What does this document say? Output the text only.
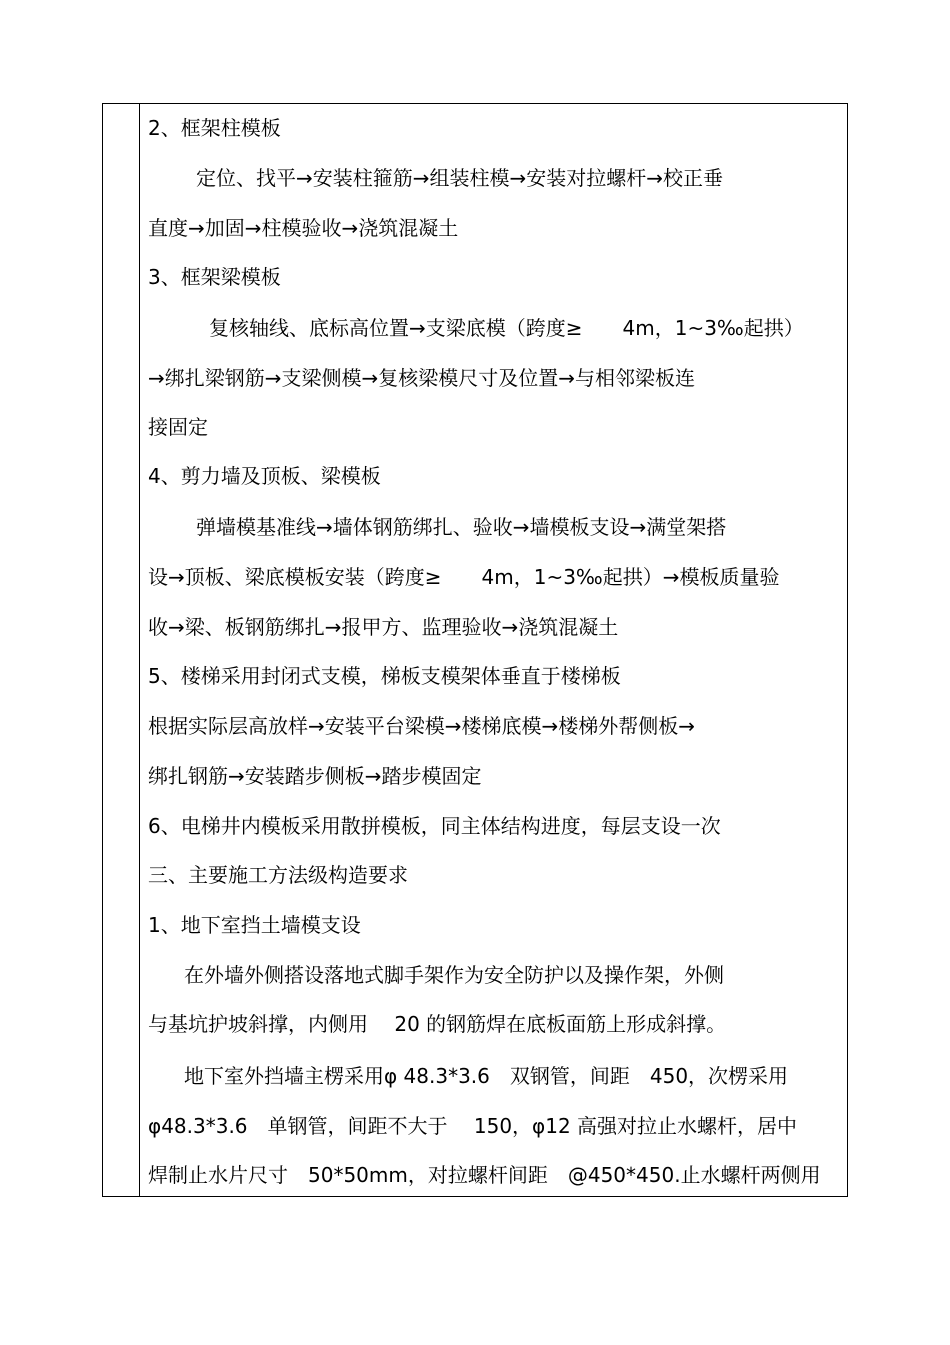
2、框架柱模板
定位、找平→安装柱箍筋→组装柱模→安装对拉螺杆→校正垂
直度→加固→柱模验收→浇筑混凝土
3、框架梁模板
复核轴线、底标高位置→支梁底模（跨度≥　　4m，1~3‰起拱）
→绑扎梁钢筋→支梁侧模→复核梁模尺寸及位置→与相邻梁板连
接固定
4、剪力墙及顶板、梁模板
弹墙模基准线→墙体钢筋绑扎、验收→墙模板支设→满堂架搭
设→顶板、梁底模板安装（跨度≥　　4m，1~3‰起拱）→模板质量验
收→梁、板钢筋绑扎→报甲方、监理验收→浇筑混凝土
5、楼梯采用封闭式支模，梯板支模架体垂直于楼梯板
根据实际层高放样→安装平台梁模→楼梯底模→楼梯外帮侧板→
绑扎钢筋→安装踏步侧板→踏步模固定
6、电梯井内模板采用散拼模板，同主体结构进度，每层支设一次
三、主要施工方法级构造要求
1、地下室挡土墙模支设
在外墙外侧搭设落地式脚手架作为安全防护以及操作架，外侧
与基坑护坡斜撑，内侧用　 20 的钢筋焊在底板面筋上形成斜撑。
地下室外挡墙主楞采用φ 48.3*3.6　双钢管，间距　450，次楞采用
φ48.3*3.6　单钢管，间距不大于　 150，φ12 高强对拉止水螺杆，居中
焊制止水片尺寸　50*50mm，对拉螺杆间距　@450*450.止水螺杆两侧用
